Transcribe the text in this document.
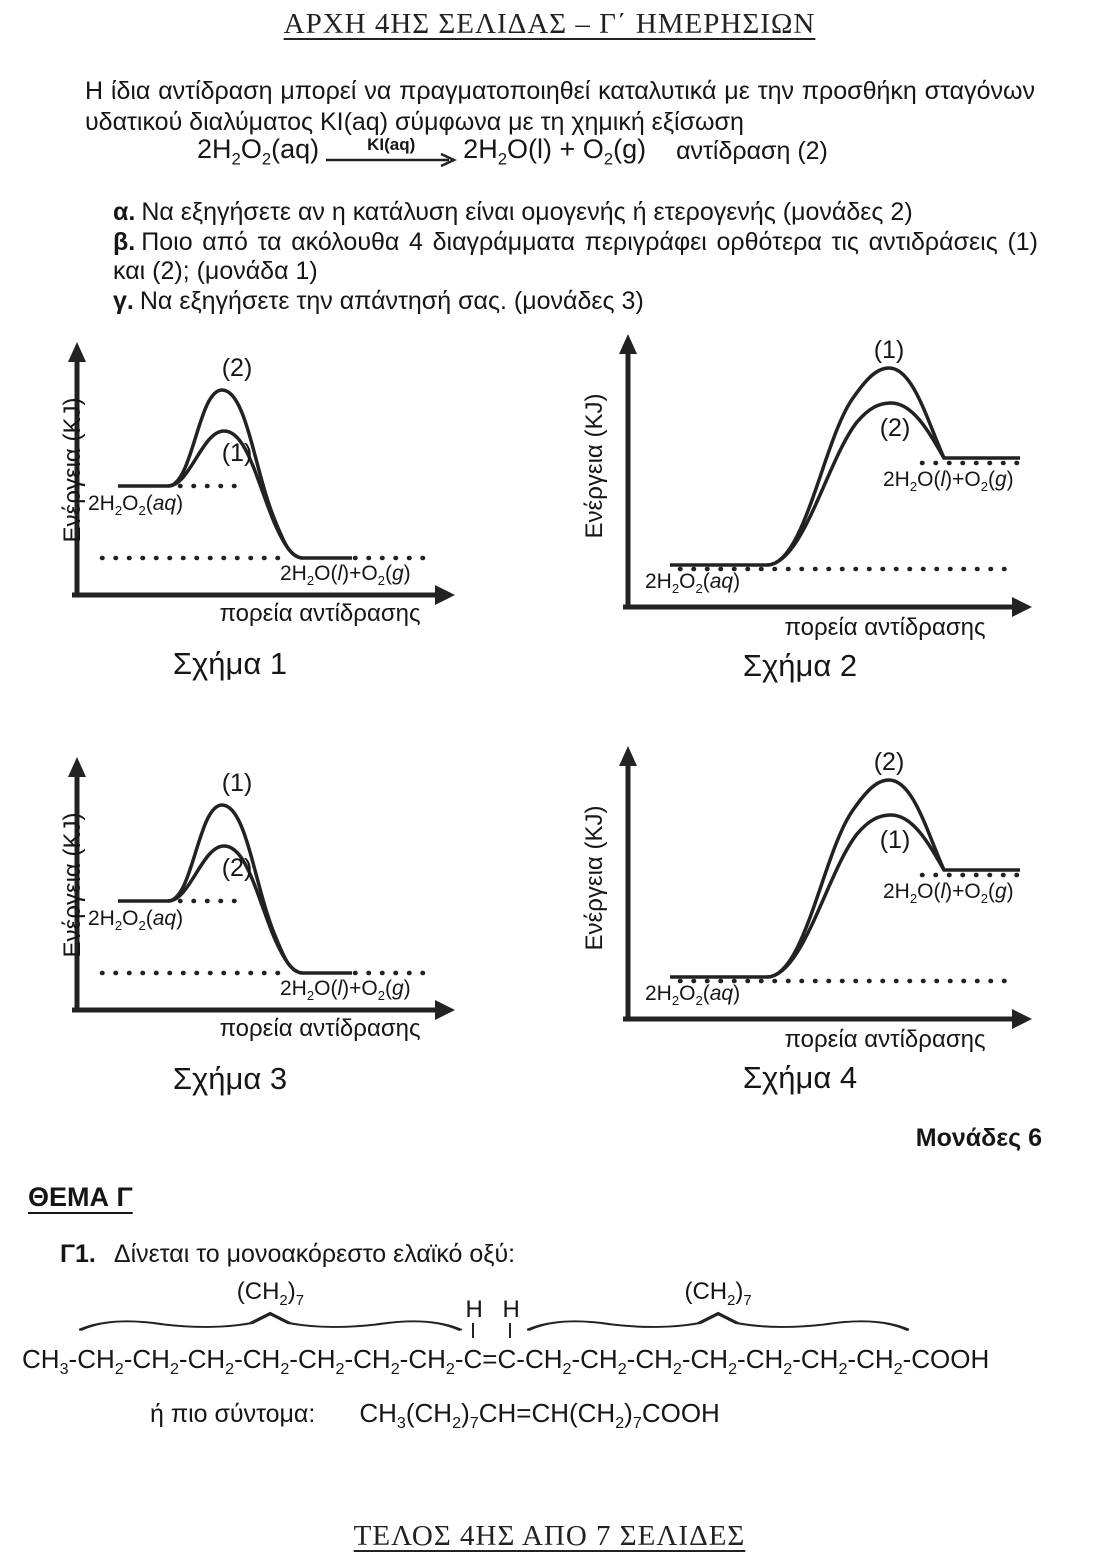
ΑΡΧΗ 4ΗΣ ΣΕΛΙΔΑΣ – Γ΄ ΗΜΕΡΗΣΙΩΝ
Η ίδια αντίδραση μπορεί να πραγματοποιηθεί καταλυτικά με την προσθήκη σταγόνων υδατικού διαλύματος KI(aq) σύμφωνα με τη χημική εξίσωση
$2H_2O_2(aq)$	KI(aq) $2H_2O(l) + O_2(g)$ αντίδραση (2)
α. Να εξηγήσετε αν η κατάλυση είναι ομογενής ή ετερογενής (μονάδες 2)
β. Ποιο από τα ακόλουθα 4 διαγράμματα περιγράφει ορθότερα τις αντιδράσεις (1) και (2); (μονάδα 1)
γ. Να εξηγήσετε την απάντησή σας. (μονάδες 3)
Ενέργεια (KJ)
(2)
(1)
$2H_2O_2(aq)$
$2H_2O(l)+O_2(g)$
πορεία αντίδρασης
Σχήμα 1
Ενέργεια (KJ)
(1)
(2)
$2H_2O_2(aq)$
$2H_2O(l)+O_2(g)$
πορεία αντίδρασης
Σχήμα 2
Ενέργεια (KJ)
(1)
(2)
$2H_2O_2(aq)$
$2H_2O(l)+O_2(g)$
πορεία αντίδρασης
Σχήμα 3
Ενέργεια (KJ)
(2)
(1)
$2H_2O_2(aq)$
$2H_2O(l)+O_2(g)$
πορεία αντίδρασης
Σχήμα 4
Μονάδες 6
ΘΕΜΑ Γ
Γ1. Δίνεται το μονοακόρεστο ελαϊκό οξύ:
$CH_3-$
$(CH_2)_7$
$CH_2-CH_2-CH_2-CH_2-CH_2-CH_2-CH_2-$
H H
C=C-
$(CH_2)_7$
$CH_2-CH_2-CH_2-CH_2-CH_2-CH_2-CH_2-$ COOH
ή πιο σύντομα: $CH_3(CH_2)_7CH=CH(CH_2)_7COOH$
ΤΕΛΟΣ 4ΗΣ ΑΠΟ 7 ΣΕΛΙΔΕΣ
